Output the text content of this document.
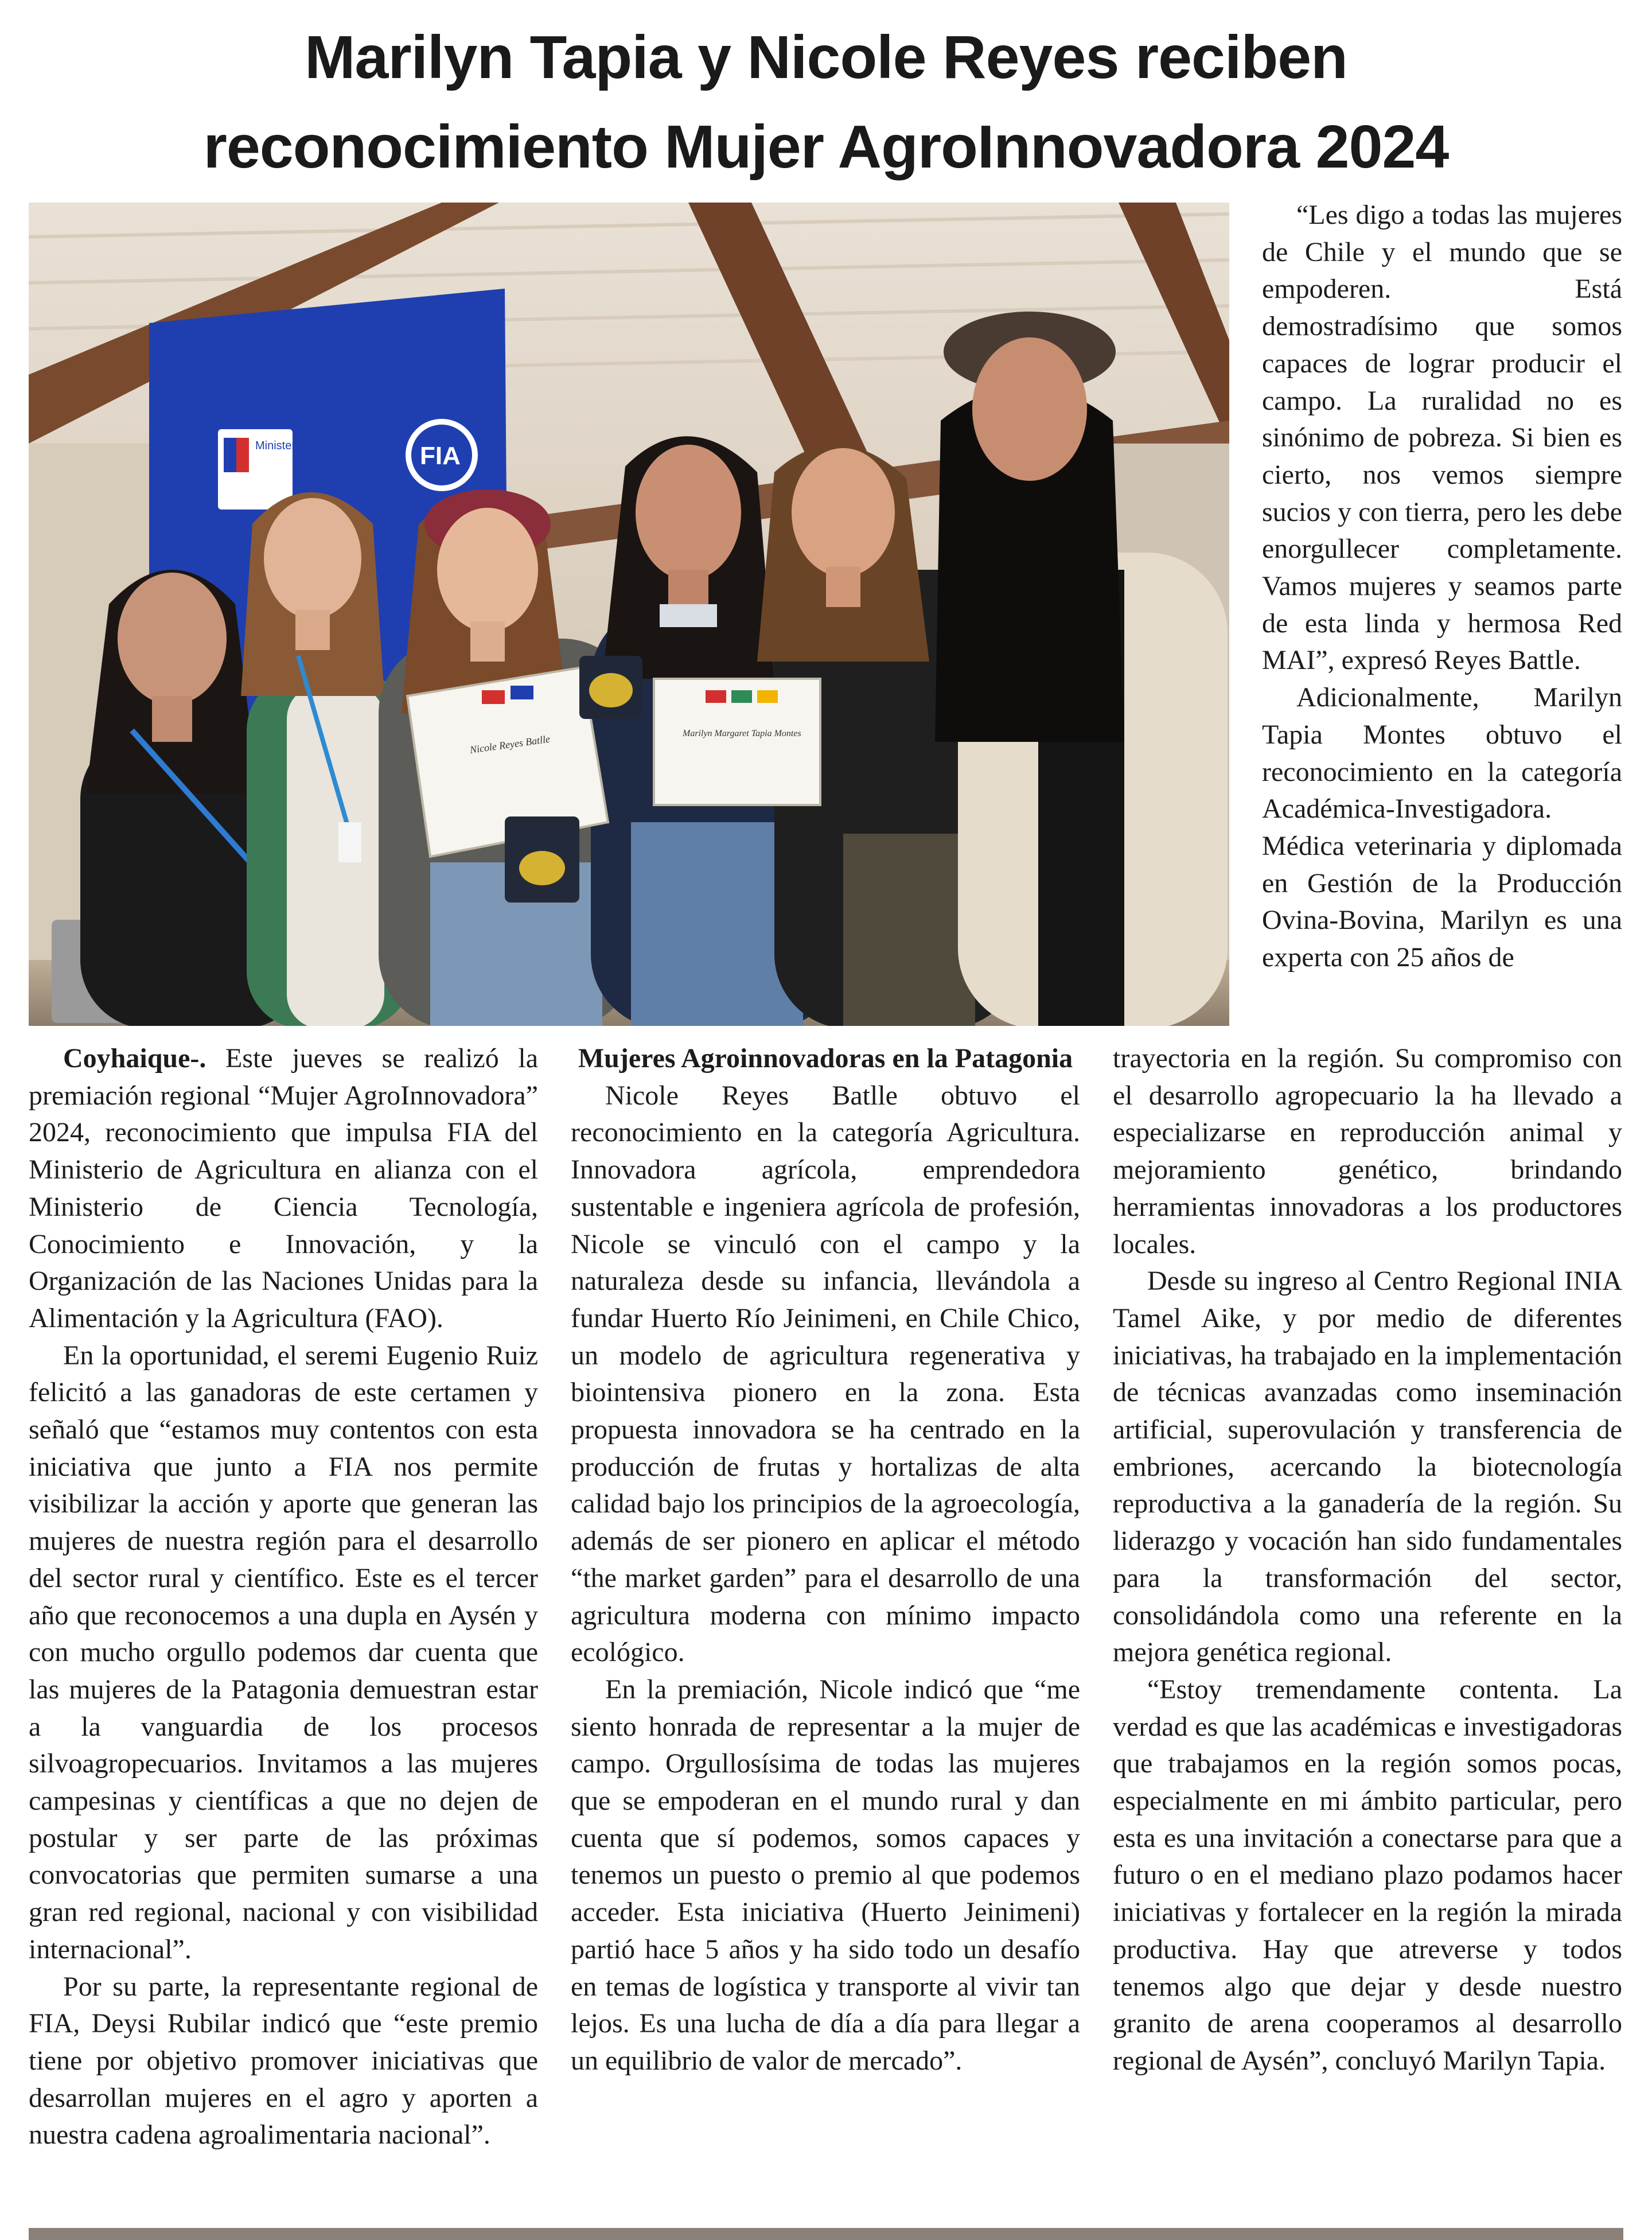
Marilyn Tapia y Nicole Reyes reciben
reconocimiento Mujer AgroInnovadora 2024
Ministerio de Agricultura FIA
Nicole Reyes Batlle	Marilyn Margaret Tapia Montes

“Les digo a todas las mujeres de Chile y el mundo que se empoderen. Está demostradísimo que somos capaces de lograr producir el campo. La ruralidad no es sinónimo de pobreza. Si bien es cierto, nos vemos siempre sucios y con tierra, pero les debe enorgullecer completamente. Vamos mujeres y seamos parte de esta linda y hermosa Red MAI”, expresó Reyes Battle.

Adicionalmente, Marilyn Tapia Montes obtuvo el reconocimiento en la categoría Académica-Investigadora. Médica veterinaria y diplomada en Gestión de la Producción Ovina-Bovina, Marilyn es una experta con 25 años de

Coyhaique-. Este jueves se realizó la premiación regional “Mujer AgroInnovadora” 2024, reconocimiento que impulsa FIA del Ministerio de Agricultura en alianza con el Ministerio de Ciencia Tecnología, Conocimiento e Innovación, y la Organización de las Naciones Unidas para la Alimentación y la Agricultura (FAO).

En la oportunidad, el seremi Eugenio Ruiz felicitó a las ganadoras de este certamen y señaló que “estamos muy contentos con esta iniciativa que junto a FIA nos permite visibilizar la acción y aporte que generan las mujeres de nuestra región para el desarrollo del sector rural y científico. Este es el tercer año que reconocemos a una dupla en Aysén y con mucho orgullo podemos dar cuenta que las mujeres de la Patagonia demuestran estar a la vanguardia de los procesos silvoagropecuarios. Invitamos a las mujeres campesinas y científicas a que no dejen de postular y ser parte de las próximas convocatorias que permiten sumarse a una gran red regional, nacional y con visibilidad internacional”.

Por su parte, la representante regional de FIA, Deysi Rubilar indicó que “este premio tiene por objetivo promover iniciativas que desarrollan mujeres en el agro y aporten a nuestra cadena agroalimentaria nacional”.

Mujeres Agroinnovadoras en la Patagonia

Nicole Reyes Batlle obtuvo el reconocimiento en la categoría Agricultura. Innovadora agrícola, emprendedora sustentable e ingeniera agrícola de profesión, Nicole se vinculó con el campo y la naturaleza desde su infancia, llevándola a fundar Huerto Río Jeinimeni, en Chile Chico, un modelo de agricultura regenerativa y biointensiva pionero en la zona. Esta propuesta innovadora se ha centrado en la producción de frutas y hortalizas de alta calidad bajo los principios de la agroecología, además de ser pionero en aplicar el método “the market garden” para el desarrollo de una agricultura moderna con mínimo impacto ecológico.

En la premiación, Nicole indicó que “me siento honrada de representar a la mujer de campo. Orgullosísima de todas las mujeres que se empoderan en el mundo rural y dan cuenta que sí podemos, somos capaces y tenemos un puesto o premio al que podemos acceder. Esta iniciativa (Huerto Jeinimeni) partió hace 5 años y ha sido todo un desafío en temas de logística y transporte al vivir tan lejos. Es una lucha de día a día para llegar a un equilibrio de valor de mercado”.

trayectoria en la región. Su compromiso con el desarrollo agropecuario la ha llevado a especializarse en reproducción animal y mejoramiento genético, brindando herramientas innovadoras a los productores locales.

Desde su ingreso al Centro Regional INIA Tamel Aike, y por medio de diferentes iniciativas, ha trabajado en la implementación de técnicas avanzadas como inseminación artificial, superovulación y transferencia de embriones, acercando la biotecnología reproductiva a la ganadería de la región. Su liderazgo y vocación han sido fundamentales para la transformación del sector, consolidándola como una referente en la mejora genética regional.

“Estoy tremendamente contenta. La verdad es que las académicas e investigadoras que trabajamos en la región somos pocas, especialmente en mi ámbito particular, pero esta es una invitación a conectarse para que a futuro o en el mediano plazo podamos hacer iniciativas y fortalecer en la región la mirada productiva. Hay que atreverse y todos tenemos algo que dejar y desde nuestro granito de arena cooperamos al desarrollo regional de Aysén”, concluyó Marilyn Tapia.
